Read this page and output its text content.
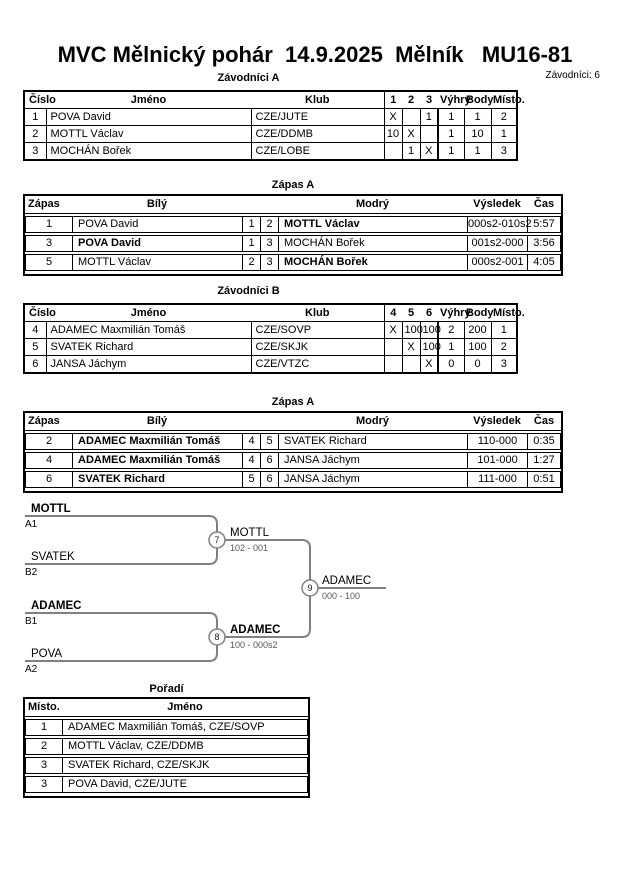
MVC Mělnický pohár  14.9.2025  Mělník   MU16-81
Závodníci A	Závodníci: 6
Číslo	Jméno	Klub	1	2	3	Výhry	Body	Místo.
1	POVA David	CZE/JUTE	X		1	1	1	2
2	MOTTL Václav	CZE/DDMB	10	X		1	10	1
3	MOCHÁN Bořek	CZE/LOBE		1	X	1	1	3
Zápas A
Zápas	Bílý	Modrý	Výsledek	Čas
1	POVA David	1	2	MOTTL Václav	000s2-010s2 5:57
3	POVA David	1	3	MOCHÁN Bořek	001s2-000 3:56
5	MOTTL Václav	2	3	MOCHÁN Bořek	000s2-001 4:05
Závodníci B
Číslo	Jméno	Klub	4	5	6	Výhry	Body	Místo.
4	ADAMEC Maxmilián Tomáš	CZE/SOVP	X	100	100	2	200	1
5	SVATEK Richard	CZE/SKJK		X	100	1	100	2
6	JANSA Jáchym	CZE/VTZC			X	0	0	3
Zápas A
Zápas	Bílý	Modrý	Výsledek	Čas
2	ADAMEC Maxmilián Tomáš	4	5	SVATEK Richard	110-000	0:35
4	ADAMEC Maxmilián Tomáš	4	6	JANSA Jáchym	101-000	1:27
6	SVATEK Richard	5	6	JANSA Jáchym	111-000	0:51
MOTTL
A1
SVATEK
B2
ADAMEC
B1
POVA
A2
7
MOTTL
102 - 001
8
ADAMEC
100 - 000s2
9
ADAMEC
000 - 100
Pořadí
Místo.	Jméno
1	ADAMEC Maxmilián Tomáš, CZE/SOVP
2	MOTTL Václav, CZE/DDMB
3	SVATEK Richard, CZE/SKJK
3	POVA David, CZE/JUTE
